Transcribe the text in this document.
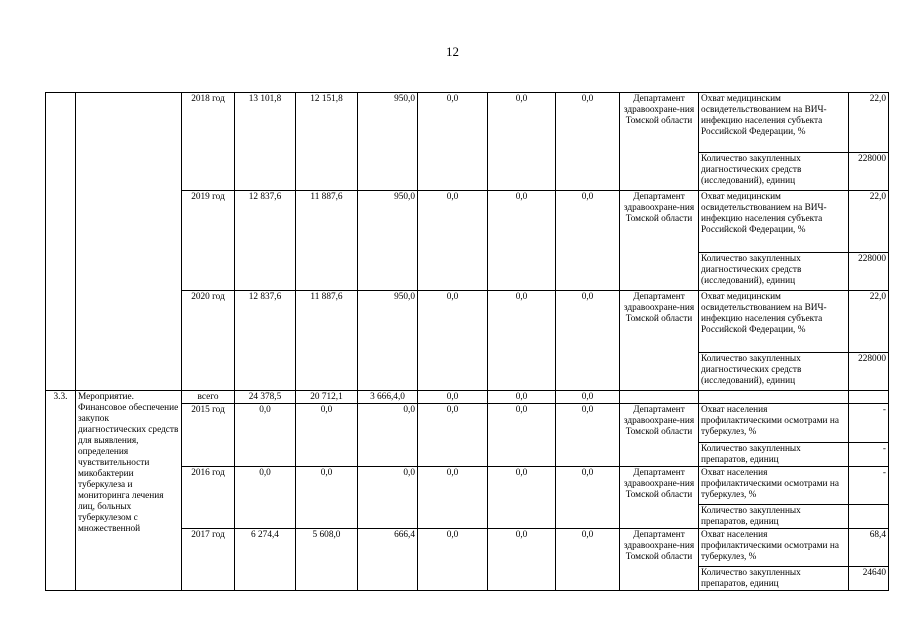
12
		2018 год	13 101,8	12 151,8	950,0	0,0	0,0	0,0	Департамент здравоохране-ния Томской области	Охват медицинским освидетельствованием на ВИЧ-инфекцию населения субъекта Российской Федерации, %	22,0
										Количество закупленных диагностических средств (исследований), единиц	228000
		2019 год	12 837,6	11 887,6	950,0	0,0	0,0	0,0	Департамент здравоохране-ния Томской области	Охват медицинским освидетельствованием на ВИЧ-инфекцию населения субъекта Российской Федерации, %	22,0
										Количество закупленных диагностических средств (исследований), единиц	228000
		2020 год	12 837,6	11 887,6	950,0	0,0	0,0	0,0	Департамент здравоохране-ния Томской области	Охват медицинским освидетельствованием на ВИЧ-инфекцию населения субъекта Российской Федерации, %	22,0
										Количество закупленных диагностических средств (исследований), единиц	228000
3.3.	Мероприятие. Финансовое обеспечение закупок диагностических средств для выявления, определения чувствительности микобактерии туберкулеза и мониторинга лечения лиц, больных туберкулезом с множественной	всего	24 378,5	20 712,1	3 666,4,0	0,0	0,0	0,0			
		2015 год	0,0	0,0	0,0	0,0	0,0	0,0	Департамент здравоохране-ния Томской области	Охват населения профилактическими осмотрами на туберкулез, %	-
										Количество закупленных препаратов, единиц	-
		2016 год	0,0	0,0	0,0	0,0	0,0	0,0	Департамент здравоохране-ния Томской области	Охват населения профилактическими осмотрами на туберкулез, %	-
										Количество закупленных препаратов, единиц	
		2017 год	6 274,4	5 608,0	666,4	0,0	0,0	0,0	Департамент здравоохране-ния Томской области	Охват населения профилактическими осмотрами на туберкулез, %	68,4
										Количество закупленных препаратов, единиц	24640
